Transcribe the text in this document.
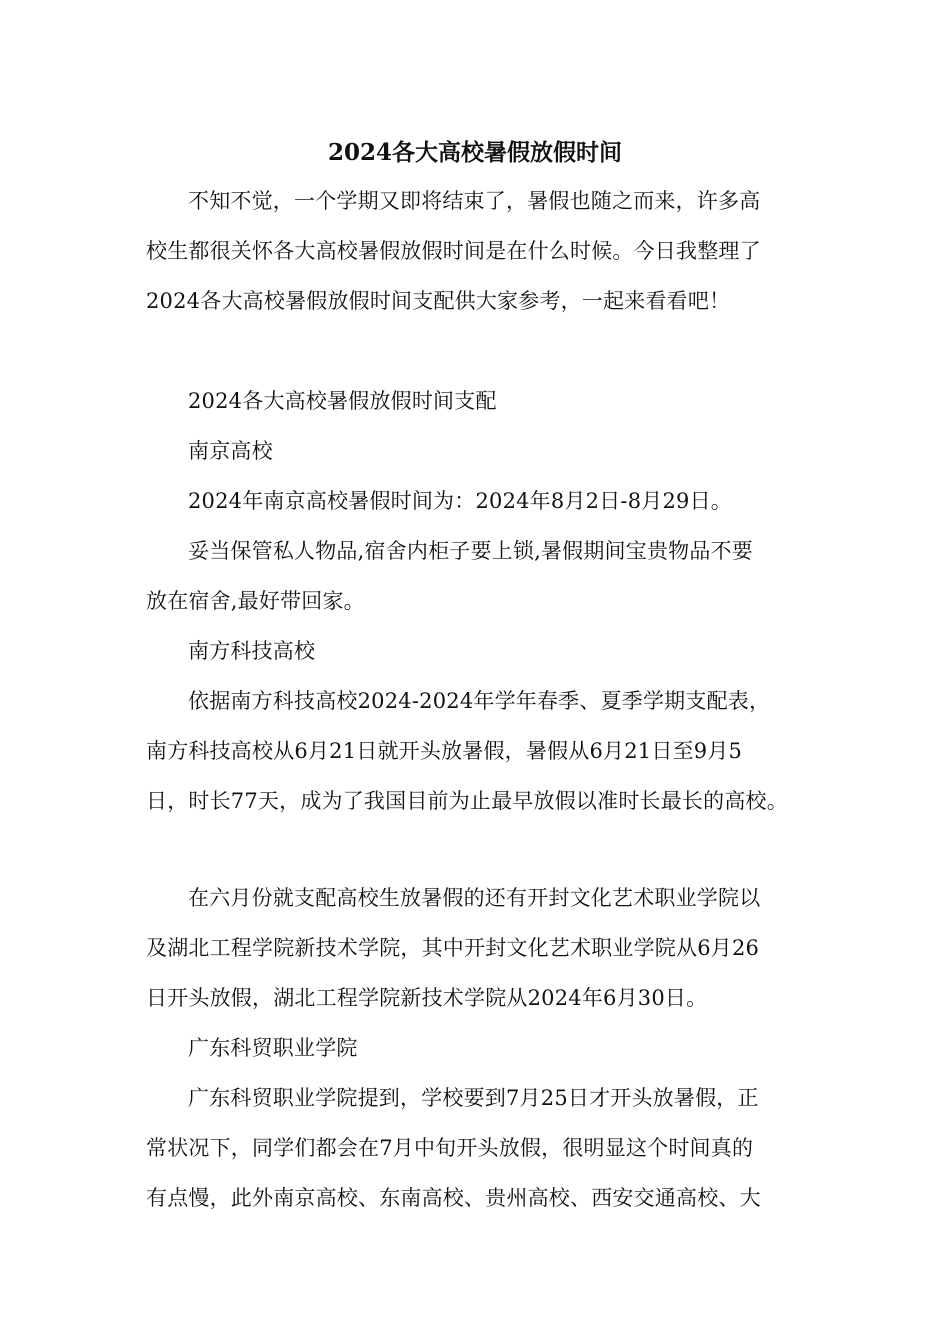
2024各大高校暑假放假时间
不知不觉，一个学期又即将结束了，暑假也随之而来，许多高
校生都很关怀各大高校暑假放假时间是在什么时候。今日我整理了
2024各大高校暑假放假时间支配供大家参考，一起来看看吧！
2024各大高校暑假放假时间支配
南京高校
2024年南京高校暑假时间为：2024年8月2日-8月29日。
妥当保管私人物品,宿舍内柜子要上锁,暑假期间宝贵物品不要
放在宿舍,最好带回家。
南方科技高校
依据南方科技高校2024-2024年学年春季、夏季学期支配表，
南方科技高校从6月21日就开头放暑假，暑假从6月21日至9月5
日，时长77天，成为了我国目前为止最早放假以准时长最长的高校。
在六月份就支配高校生放暑假的还有开封文化艺术职业学院以
及湖北工程学院新技术学院，其中开封文化艺术职业学院从6月26
日开头放假，湖北工程学院新技术学院从2024年6月30日。
广东科贸职业学院
广东科贸职业学院提到，学校要到7月25日才开头放暑假，正
常状况下，同学们都会在7月中旬开头放假，很明显这个时间真的
有点慢，此外南京高校、东南高校、贵州高校、西安交通高校、大
